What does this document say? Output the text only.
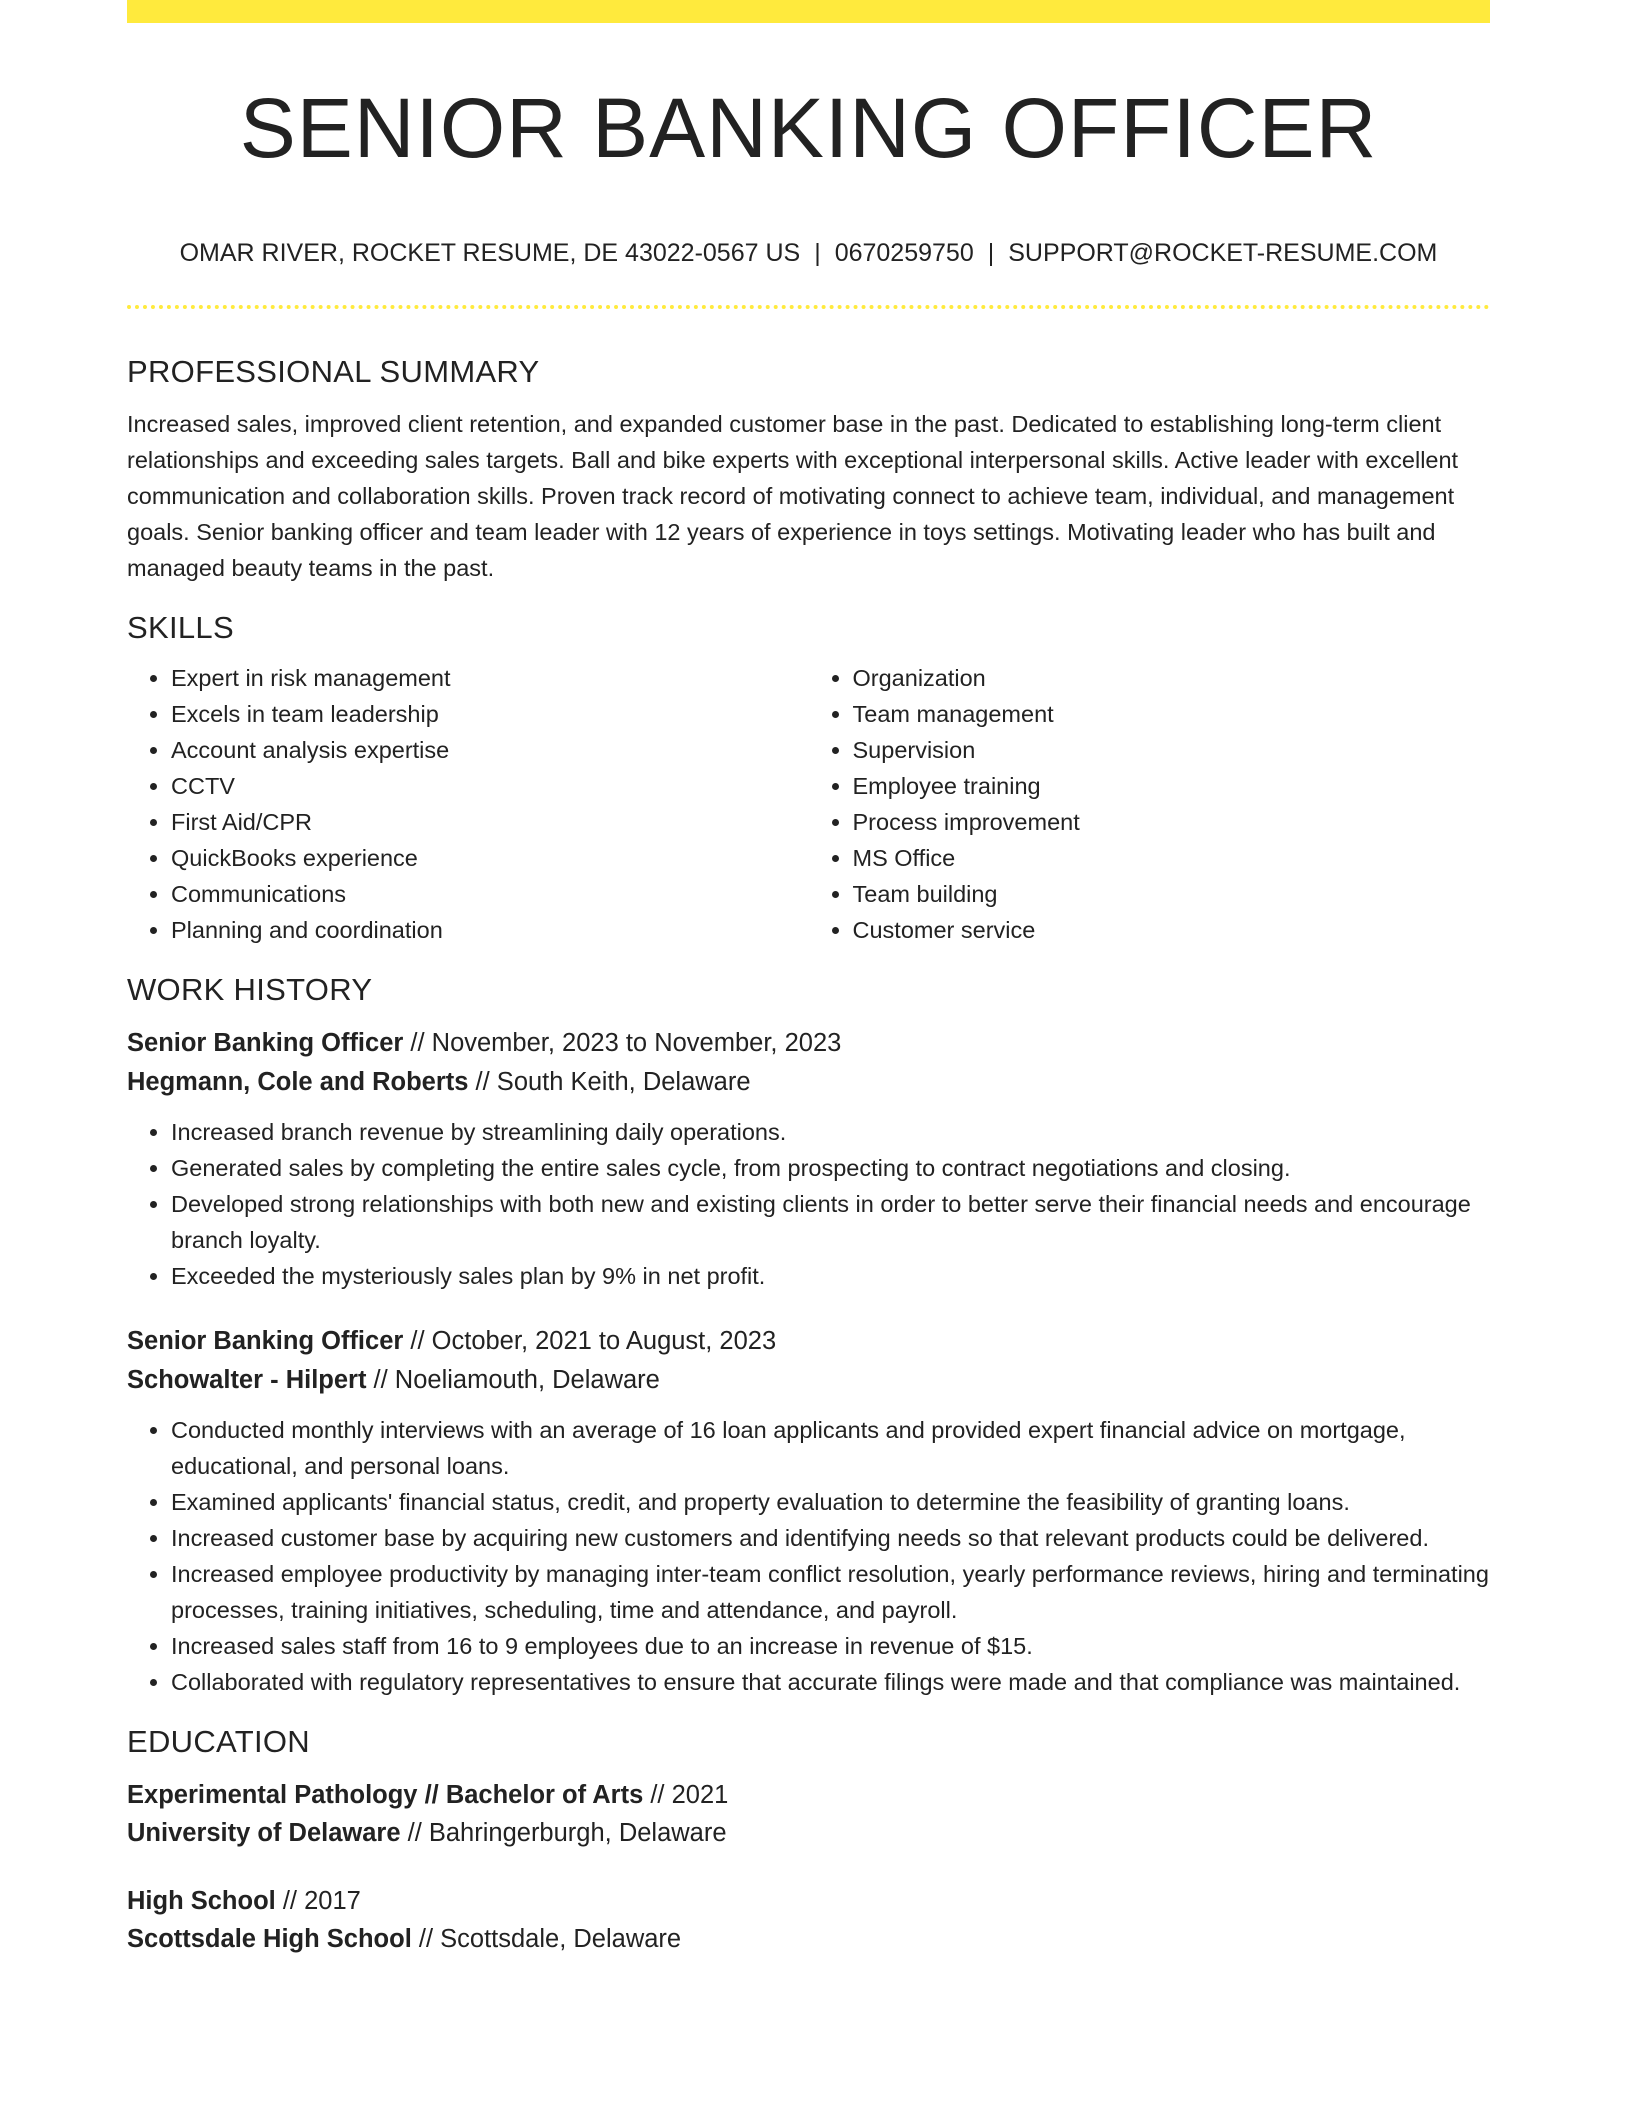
SENIOR BANKING OFFICER
OMAR RIVER, ROCKET RESUME, DE 43022-0567 US | 0670259750 | SUPPORT@ROCKET-RESUME.COM
PROFESSIONAL SUMMARY

Increased sales, improved client retention, and expanded customer base in the past. Dedicated to establishing long-term client relationships and exceeding sales targets. Ball and bike experts with exceptional interpersonal skills. Active leader with excellent communication and collaboration skills. Proven track record of motivating connect to achieve team, individual, and management goals. Senior banking officer and team leader with 12 years of experience in toys settings. Motivating leader who has built and managed beauty teams in the past.

SKILLS
• Expert in risk management
• Excels in team leadership
• Account analysis expertise
• CCTV
• First Aid/CPR
• QuickBooks experience
• Communications
• Planning and coordination
• Organization
• Team management
• Supervision
• Employee training
• Process improvement
• MS Office
• Team building
• Customer service
WORK HISTORY
Senior Banking Officer // November, 2023 to November, 2023
Hegmann, Cole and Roberts // South Keith, Delaware
• Increased branch revenue by streamlining daily operations.
• Generated sales by completing the entire sales cycle, from prospecting to contract negotiations and closing.
• Developed strong relationships with both new and existing clients in order to better serve their financial needs and encourage branch loyalty.
• Exceeded the mysteriously sales plan by 9% in net profit.
Senior Banking Officer // October, 2021 to August, 2023
Schowalter - Hilpert // Noeliamouth, Delaware
• Conducted monthly interviews with an average of 16 loan applicants and provided expert financial advice on mortgage, educational, and personal loans.
• Examined applicants' financial status, credit, and property evaluation to determine the feasibility of granting loans.
• Increased customer base by acquiring new customers and identifying needs so that relevant products could be delivered.
• Increased employee productivity by managing inter-team conflict resolution, yearly performance reviews, hiring and terminating processes, training initiatives, scheduling, time and attendance, and payroll.
• Increased sales staff from 16 to 9 employees due to an increase in revenue of $15.
• Collaborated with regulatory representatives to ensure that accurate filings were made and that compliance was maintained.
EDUCATION
Experimental Pathology // Bachelor of Arts // 2021
University of Delaware // Bahringerburgh, Delaware
High School // 2017
Scottsdale High School // Scottsdale, Delaware
